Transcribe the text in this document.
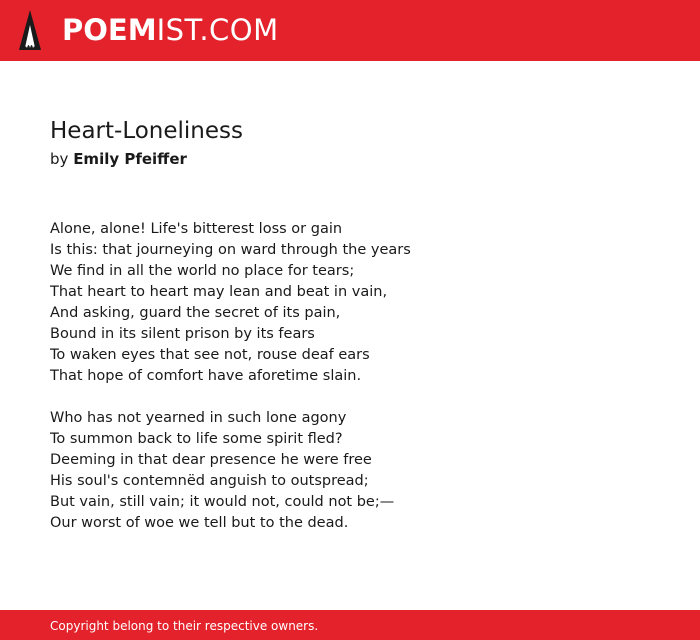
POEMIST.COM
Heart-Loneliness
by Emily Pfeiffer
Alone, alone! Life's bitterest loss or gain
Is this: that journeying on ward through the years
We find in all the world no place for tears;
That heart to heart may lean and beat in vain,
And asking, guard the secret of its pain,
Bound in its silent prison by its fears
To waken eyes that see not, rouse deaf ears
That hope of comfort have aforetime slain.
Who has not yearned in such lone agony
To summon back to life some spirit fled?
Deeming in that dear presence he were free
His soul's contemnëd anguish to outspread;
But vain, still vain; it would not, could not be;—
Our worst of woe we tell but to the dead.
Copyright belong to their respective owners.
